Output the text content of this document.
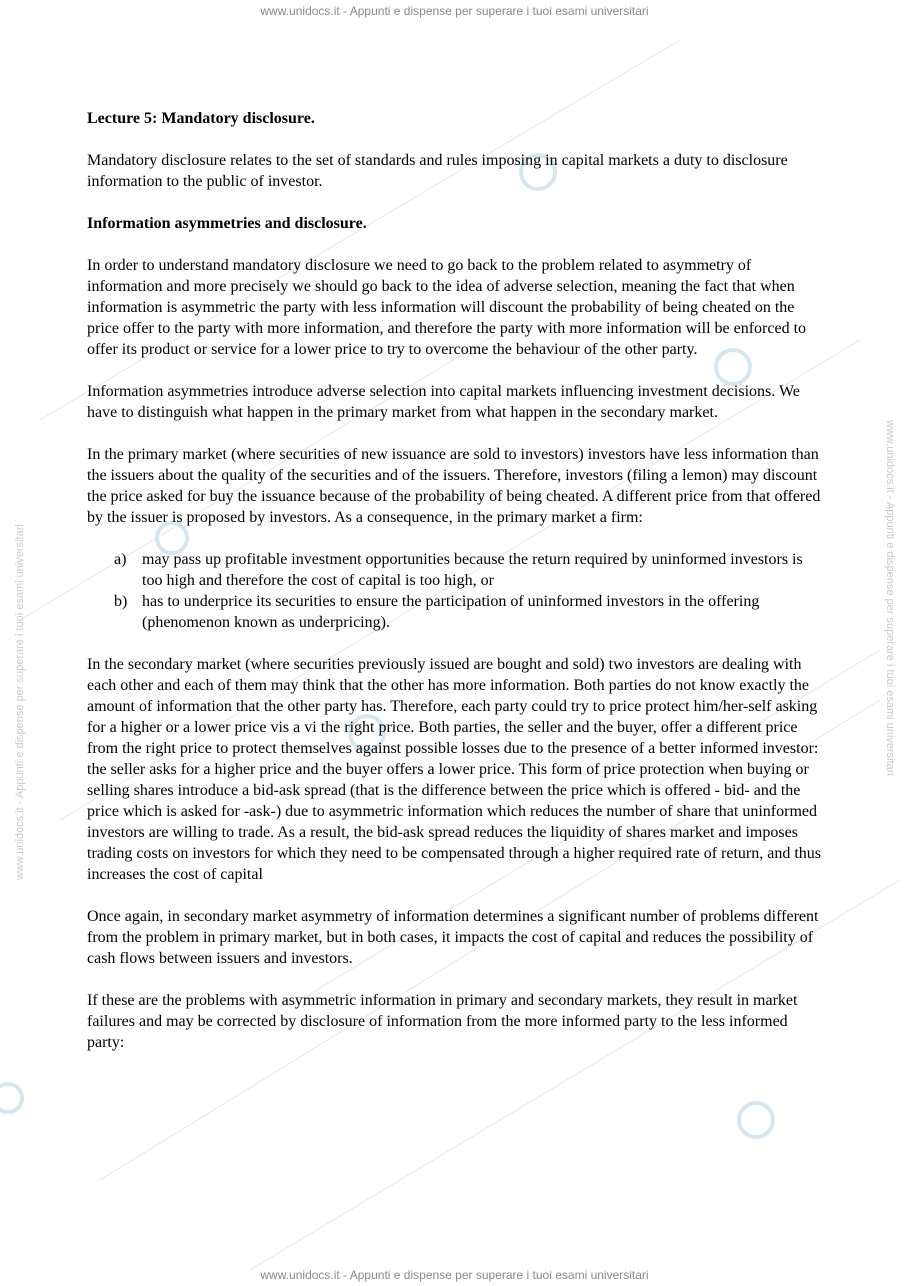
www.unidocs.it - Appunti e dispense per superare i tuoi esami universitari
www.unidocs.it - Appunti e dispense per superare i tuoi esami universitari	www.unidocs.it - Appunti e dispense per superare i tuoi esami universitari
Lecture 5: Mandatory disclosure.

Mandatory disclosure relates to the set of standards and rules imposing in capital markets a duty to disclosure information to the public of investor.

Information asymmetries and disclosure.

In order to understand mandatory disclosure we need to go back to the problem related to asymmetry of information and more precisely we should go back to the idea of adverse selection, meaning the fact that when information is asymmetric the party with less information will discount the probability of being cheated on the price offer to the party with more information, and therefore the party with more information will be enforced to offer its product or service for a lower price to try to overcome the behaviour of the other party.

Information asymmetries introduce adverse selection into capital markets influencing investment decisions. We have to distinguish what happen in the primary market from what happen in the secondary market.

In the primary market (where securities of new issuance are sold to investors) investors have less information than the issuers about the quality of the securities and of the issuers. Therefore, investors (filing a lemon) may discount the price asked for buy the issuance because of the probability of being cheated. A different price from that offered by the issuer is proposed by investors. As a consequence, in the primary market a firm:

a) may pass up profitable investment opportunities because the return required by uninformed investors is too high and therefore the cost of capital is too high, or
b) has to underprice its securities to ensure the participation of uninformed investors in the offering (phenomenon known as underpricing).

In the secondary market (where securities previously issued are bought and sold) two investors are dealing with each other and each of them may think that the other has more information. Both parties do not know exactly the amount of information that the other party has. Therefore, each party could try to price protect him/her-self asking for a higher or a lower price vis a vi the right price. Both parties, the seller and the buyer, offer a different price from the right price to protect themselves against possible losses due to the presence of a better informed investor: the seller asks for a higher price and the buyer offers a lower price. This form of price protection when buying or selling shares introduce a bid-ask spread (that is the difference between the price which is offered - bid- and the price which is asked for -ask-) due to asymmetric information which reduces the number of share that uninformed investors are willing to trade. As a result, the bid-ask spread reduces the liquidity of shares market and imposes trading costs on investors for which they need to be compensated through a higher required rate of return, and thus increases the cost of capital

Once again, in secondary market asymmetry of information determines a significant number of problems different from the problem in primary market, but in both cases, it impacts the cost of capital and reduces the possibility of cash flows between issuers and investors.

If these are the problems with asymmetric information in primary and secondary markets, they result in market failures and may be corrected by disclosure of information from the more informed party to the less informed party:

www.unidocs.it - Appunti e dispense per superare i tuoi esami universitari
